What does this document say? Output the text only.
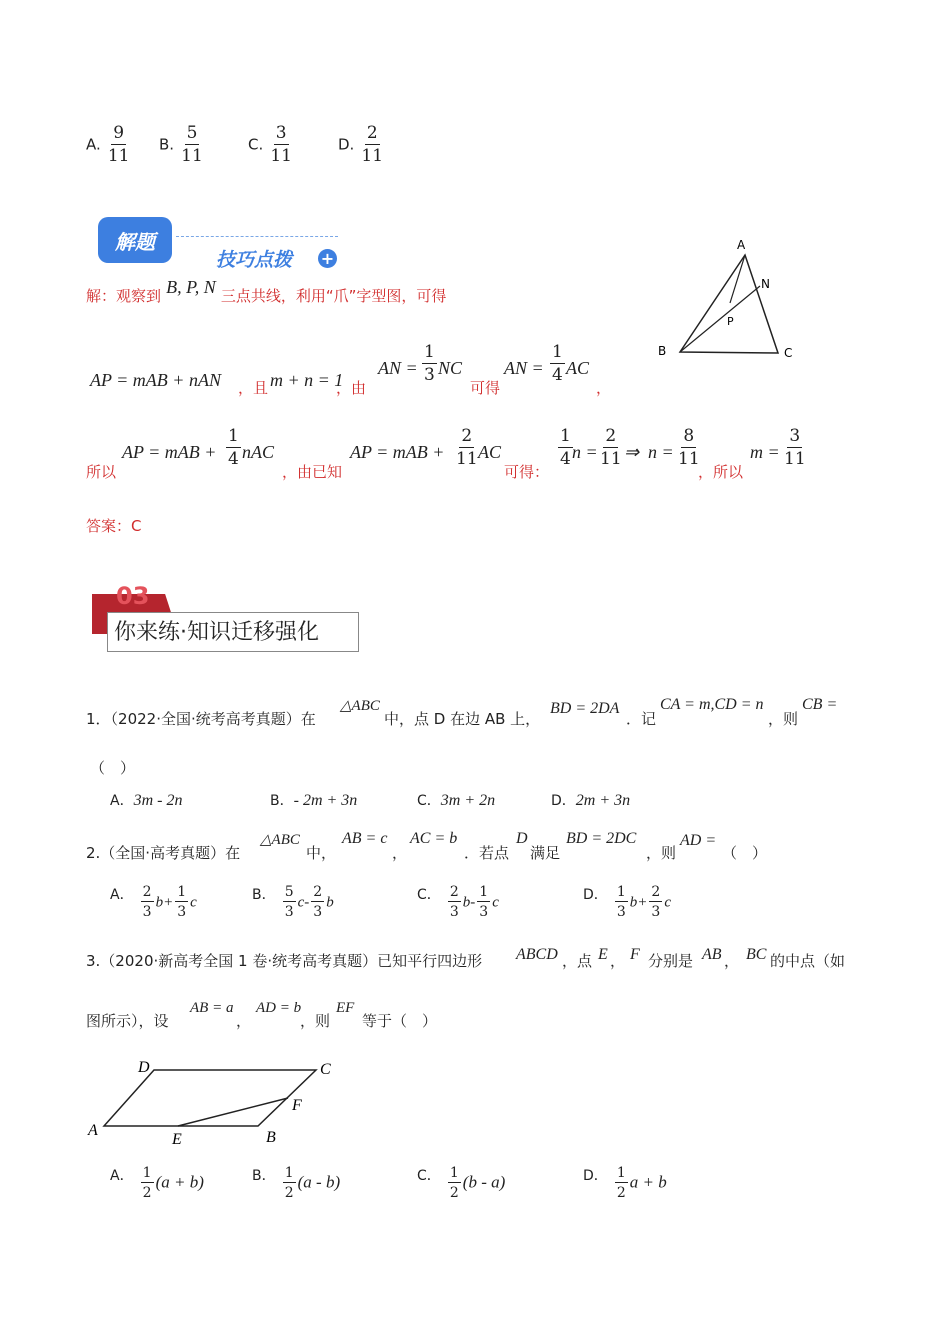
A. $\frac{9}{11} B$. $\frac{5}{11}$	C. $\frac{3}{11}$	D. $\frac{2}{11}$
解题
技巧点拨 +
A
N
P
B	C
解：观察到 B, P, N 三点共线，利用“爪”字型图，可得
AP = mAB + nAN ，且 m + n = 1
，由
AN = $\frac{1}{3}$ NC
可得
AN = $\frac{1}{4}$ AC
，
所以
AP = mAB + $\frac{1}{4}$ nAC
，由已知
AP = mAB + $\frac{2}{11}$ AC
可得：
$\frac{1}{4}$ $n = \frac{2}{11}$ ⇒ $n = \frac{8}{11}$
，所以
$m = \frac{3}{11}$
答案：C
03
你来练·知识迁移强化
1．（2022·全国·统考高考真题）在
△ABC
中，点 D 在边 AB 上，
BD = 2DA
．记
CA = m,CD = n
，则
CB =
（　）
A．3m - 2n	B．- 2m + 3n	C．3m + 2n	D．2m + 3n
2.（全国·高考真题）在
△ABC
中，
AB = c
，
AC = b
．若点
D
满足
BD = 2DC
，则
AD =
（　）
A． $\frac{2}{3} b+ \frac{1}{3}$ c	B． $\frac{5}{3} c- \frac{2}{3}$ b	C． $\frac{2}{3} b- \frac{1}{3}$ c	D． $\frac{1}{3} b+ \frac{2}{3}$ c
3.（2020·新高考全国 1 卷·统考高考真题）已知平行四边形 ABCD ，点 E ， F 分别是 AB ， BC 的中点（如
图所示），设
AB = a
，
AD = b
，则
EF
等于（　）
A	B
C
D
E
F
A． $\frac{1}{2} (a + b)$	B． $\frac{1}{2} (a - b)$	C． $\frac{1}{2} (b - a)$	D． $\frac{1}{2}$ a + b
